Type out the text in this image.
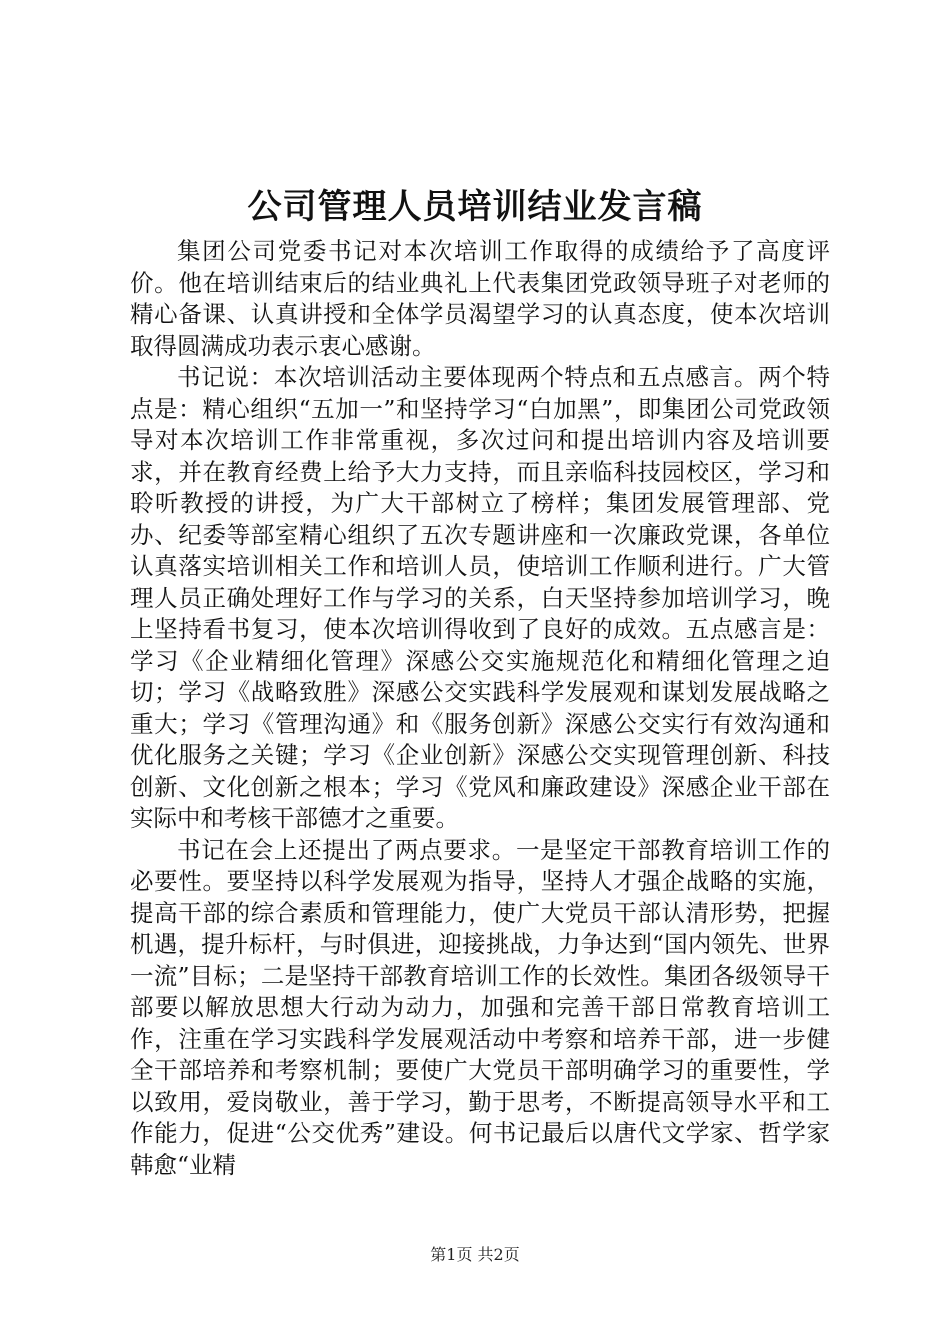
公司管理人员培训结业发言稿

集团公司党委书记对本次培训工作取得的成绩给予了高度评价。他在培训结束后的结业典礼上代表集团党政领导班子对老师的精心备课、认真讲授和全体学员渴望学习的认真态度，使本次培训取得圆满成功表示衷心感谢。

书记说：本次培训活动主要体现两个特点和五点感言。两个特点是：精心组织“五加一”和坚持学习“白加黑”，即集团公司党政领导对本次培训工作非常重视，多次过问和提出培训内容及培训要求，并在教育经费上给予大力支持，而且亲临科技园校区，学习和聆听教授的讲授，为广大干部树立了榜样；集团发展管理部、党办、纪委等部室精心组织了五次专题讲座和一次廉政党课，各单位认真落实培训相关工作和培训人员，使培训工作顺利进行。广大管理人员正确处理好工作与学习的关系，白天坚持参加培训学习，晚上坚持看书复习，使本次培训得收到了良好的成效。五点感言是：学习《企业精细化管理》深感公交实施规范化和精细化管理之迫切；学习《战略致胜》深感公交实践科学发展观和谋划发展战略之重大；学习《管理沟通》和《服务创新》深感公交实行有效沟通和优化服务之关键；学习《企业创新》深感公交实现管理创新、科技创新、文化创新之根本；学习《党风和廉政建设》深感企业干部在实际中和考核干部德才之重要。

书记在会上还提出了两点要求。一是坚定干部教育培训工作的必要性。要坚持以科学发展观为指导，坚持人才强企战略的实施，提高干部的综合素质和管理能力，使广大党员干部认清形势，把握机遇，提升标杆，与时俱进，迎接挑战，力争达到“国内领先、世界一流”目标；二是坚持干部教育培训工作的长效性。集团各级领导干部要以解放思想大行动为动力，加强和完善干部日常教育培训工作，注重在学习实践科学发展观活动中考察和培养干部，进一步健全干部培养和考察机制；要使广大党员干部明确学习的重要性，学以致用，爱岗敬业，善于学习，勤于思考，不断提高领导水平和工作能力，促进“公交优秀”建设。何书记最后以唐代文学家、哲学家韩愈“业精

第1页 共2页
